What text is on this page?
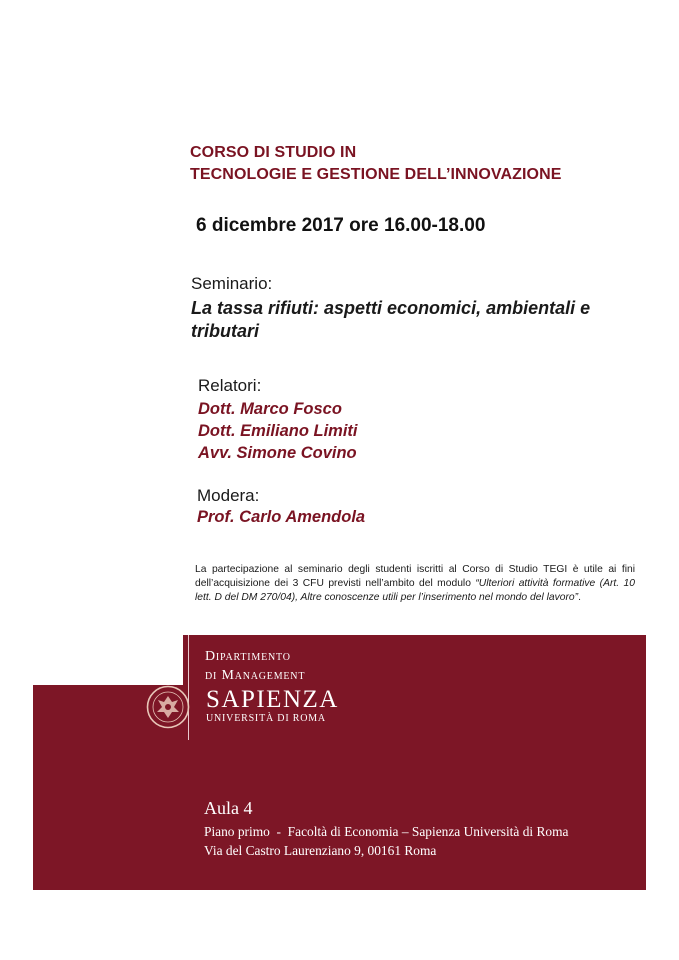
CORSO DI STUDIO IN
TECNOLOGIE E GESTIONE DELL’INNOVAZIONE
6 dicembre 2017 ore 16.00-18.00
Seminario:
La tassa rifiuti: aspetti economici, ambientali e tributari
Relatori:
Dott. Marco Fosco
Dott. Emiliano Limiti
Avv. Simone Covino
Modera:
Prof. Carlo Amendola
La partecipazione al seminario degli studenti iscritti al Corso di Studio TEGI è utile ai fini dell’acquisizione dei 3 CFU previsti nell’ambito del modulo “Ulteriori attività formative (Art. 10 lett. D del DM 270/04), Altre conoscenze utili per l’inserimento nel mondo del lavoro”.
Dipartimento
di Management
SAPIENZA
UNIVERSITÀ DI ROMA
Aula 4
Piano primo  -  Facoltà di Economia – Sapienza Università di Roma
Via del Castro Laurenziano 9, 00161 Roma
